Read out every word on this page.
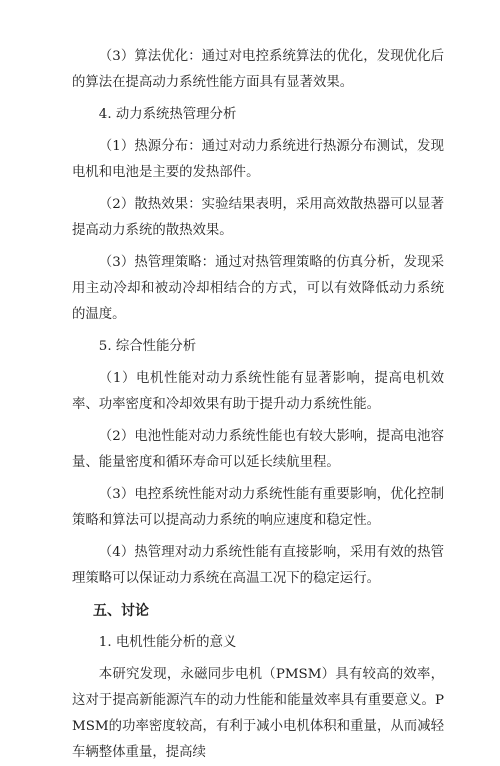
（3）算法优化：通过对电控系统算法的优化，发现优化后的算法在提高动力系统性能方面具有显著效果。

4. 动力系统热管理分析

（1）热源分布：通过对动力系统进行热源分布测试，发现电机和电池是主要的发热部件。

（2）散热效果：实验结果表明，采用高效散热器可以显著提高动力系统的散热效果。

（3）热管理策略：通过对热管理策略的仿真分析，发现采用主动冷却和被动冷却相结合的方式，可以有效降低动力系统的温度。

5. 综合性能分析

（1）电机性能对动力系统性能有显著影响，提高电机效率、功率密度和冷却效果有助于提升动力系统性能。

（2）电池性能对动力系统性能也有较大影响，提高电池容量、能量密度和循环寿命可以延长续航里程。

（3）电控系统性能对动力系统性能有重要影响，优化控制策略和算法可以提高动力系统的响应速度和稳定性。

（4）热管理对动力系统性能有直接影响，采用有效的热管理策略可以保证动力系统在高温工况下的稳定运行。

五、讨论

1. 电机性能分析的意义

本研究发现，永磁同步电机（PMSM）具有较高的效率，这对于提高新能源汽车的动力性能和能量效率具有重要意义。PMSM的功率密度较高，有利于减小电机体积和重量，从而减轻车辆整体重量，提高续
